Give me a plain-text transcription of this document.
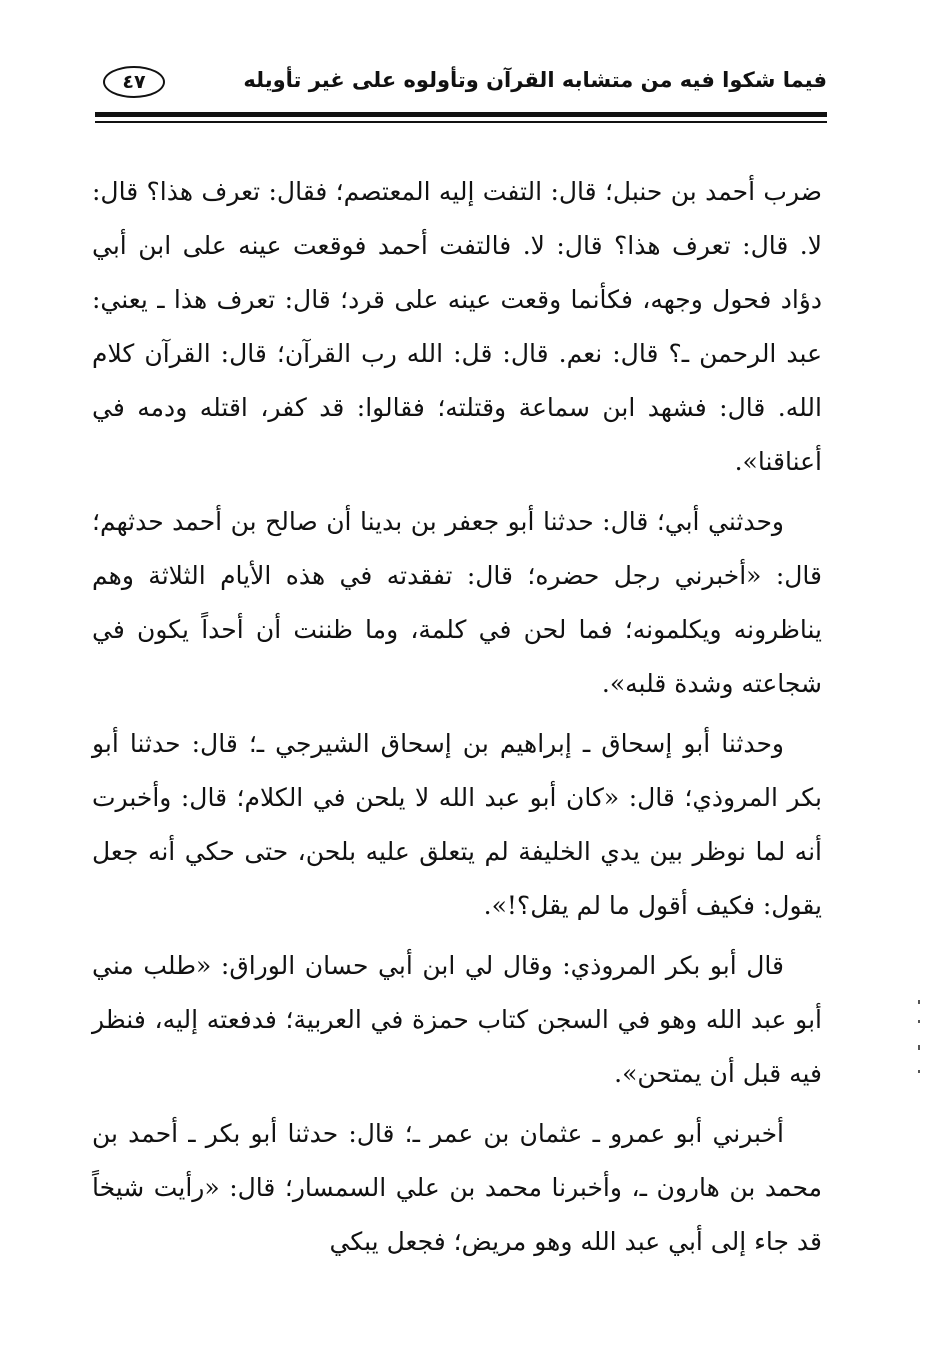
فيما شكوا فيه من متشابه القرآن وتأولوه على غير تأويله
٤٧

ضرب أحمد بن حنبل؛ قال: التفت إليه المعتصم؛ فقال: تعرف هذا؟ قال: لا. قال: تعرف هذا؟ قال: لا. فالتفت أحمد فوقعت عينه على ابن أبي دؤاد فحول وجهه، فكأنما وقعت عينه على قرد؛ قال: تعرف هذا ـ يعني: عبد الرحمن ـ؟ قال: نعم. قال: قل: الله رب القرآن؛ قال: القرآن كلام الله. قال: فشهد ابن سماعة وقتلته؛ فقالوا: قد كفر، اقتله ودمه في أعناقنا».

وحدثني أبي؛ قال: حدثنا أبو جعفر بن بدينا أن صالح بن أحمد حدثهم؛ قال: «أخبرني رجل حضره؛ قال: تفقدته في هذه الأيام الثلاثة وهم يناظرونه ويكلمونه؛ فما لحن في كلمة، وما ظننت أن أحداً يكون في شجاعته وشدة قلبه».

وحدثنا أبو إسحاق ـ إبراهيم بن إسحاق الشيرجي ـ؛ قال: حدثنا أبو بكر المروذي؛ قال: «كان أبو عبد الله لا يلحن في الكلام؛ قال: وأخبرت أنه لما نوظر بين يدي الخليفة لم يتعلق عليه بلحن، حتى حكي أنه جعل يقول: فكيف أقول ما لم يقل؟!».

قال أبو بكر المروذي: وقال لي ابن أبي حسان الوراق: «طلب مني أبو عبد الله وهو في السجن كتاب حمزة في العربية؛ فدفعته إليه، فنظر فيه قبل أن يمتحن».

أخبرني أبو عمرو ـ عثمان بن عمر ـ؛ قال: حدثنا أبو بكر ـ أحمد بن محمد بن هارون ـ، وأخبرنا محمد بن علي السمسار؛ قال: «رأيت شيخاً قد جاء إلى أبي عبد الله وهو مريض؛ فجعل يبكي
